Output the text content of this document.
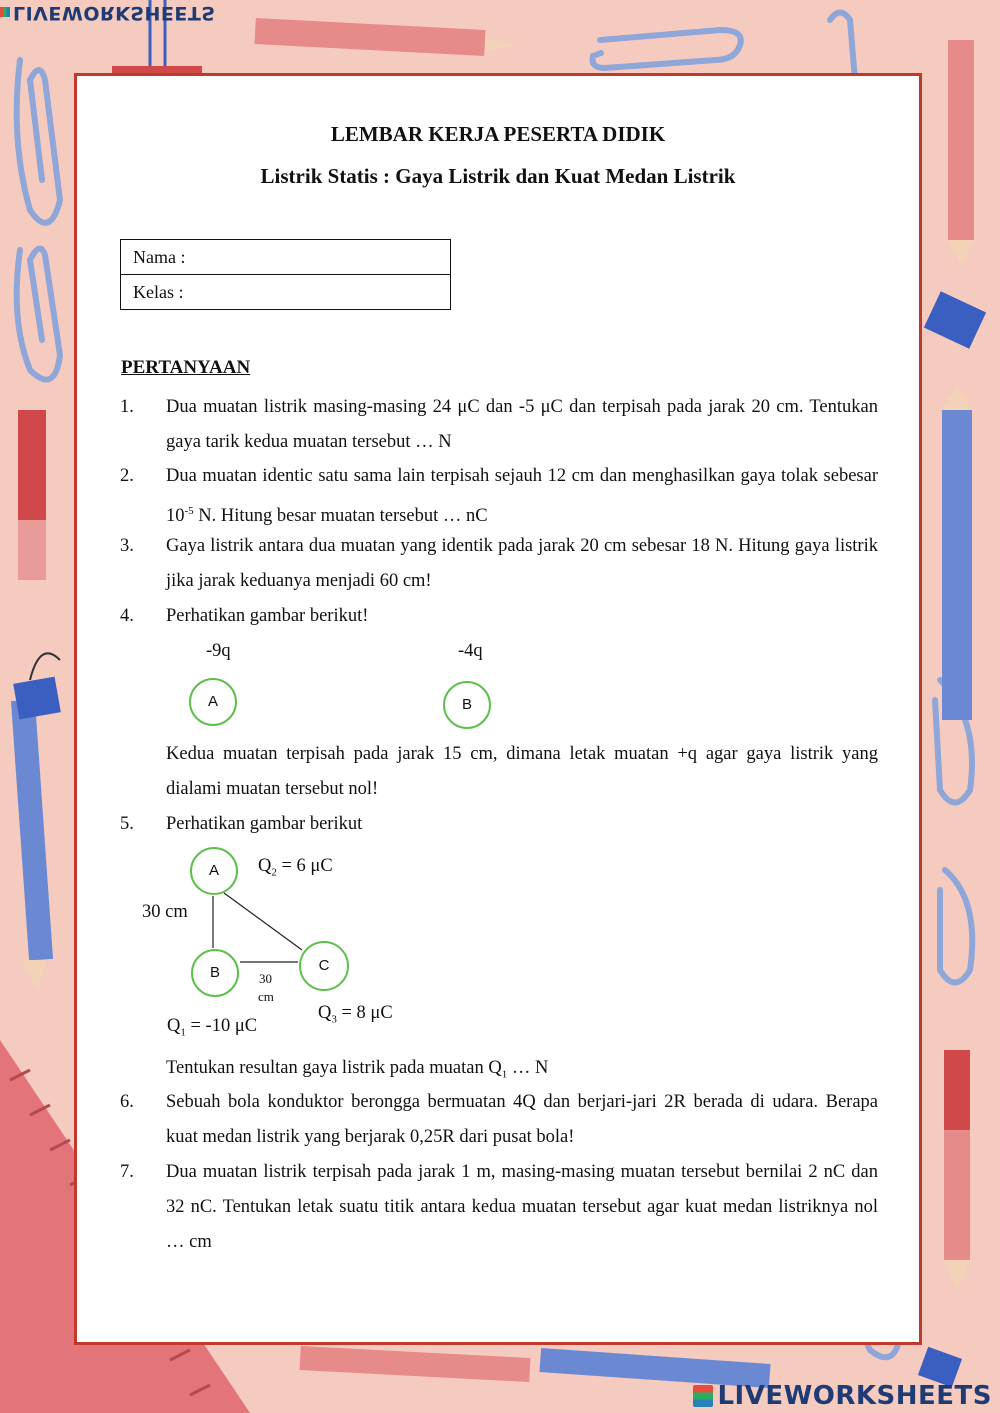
LIVEWORKSHEETS
LEMBAR KERJA PESERTA DIDIK
Listrik Statis : Gaya Listrik dan Kuat Medan Listrik
Nama :
Kelas :
PERTANYAAN
1.	Dua muatan listrik masing-masing 24 μC dan -5 μC dan terpisah pada jarak 20 cm. Tentukan gaya tarik kedua muatan tersebut … N
2.	Dua muatan identic satu sama lain terpisah sejauh 12 cm dan menghasilkan gaya tolak sebesar $10^{-5}$ N. Hitung besar muatan tersebut … nC
3.	Gaya listrik antara dua muatan yang identik pada jarak 20 cm sebesar 18 N. Hitung gaya listrik jika jarak keduanya menjadi 60 cm!
4.	Perhatikan gambar berikut!
-9q	-4q
A	B
Kedua muatan terpisah pada jarak 15 cm, dimana letak muatan +q agar gaya listrik yang dialami muatan tersebut nol!
5.	Perhatikan gambar berikut
A
B	C
$Q_2 = 6$ μC
30 cm
30
cm
$Q_3 = 8$ μC
$Q_1 = -10$ μC
Tentukan resultan gaya listrik pada muatan $Q_1$ … N
6.	Sebuah bola konduktor berongga bermuatan 4Q dan berjari-jari 2R berada di udara. Berapa kuat medan listrik yang berjarak 0,25R dari pusat bola!
7.	Dua muatan listrik terpisah pada jarak 1 m, masing-masing muatan tersebut bernilai 2 nC dan 32 nC. Tentukan letak suatu titik antara kedua muatan tersebut agar kuat medan listriknya nol … cm
LIVEWORKSHEETS
